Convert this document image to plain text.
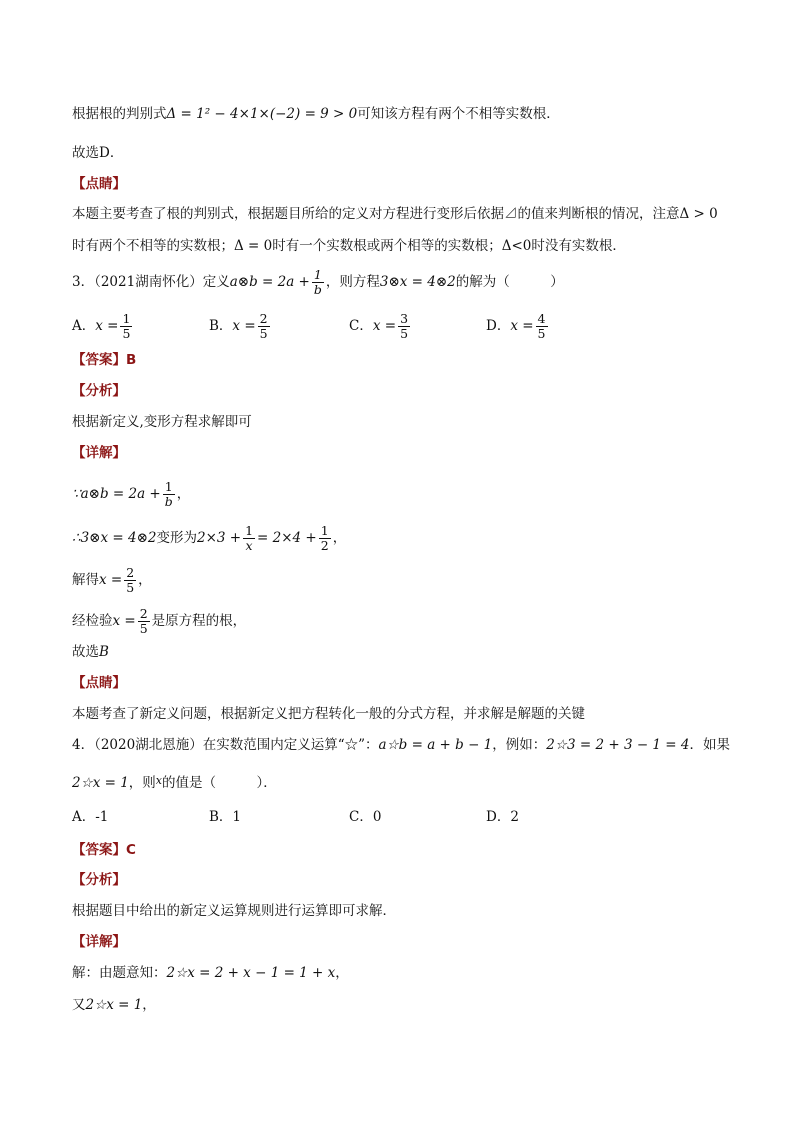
根据根的判别式Δ = 1² − 4×1×(−2) = 9 > 0可知该方程有两个不相等实数根．
故选D．
【点睛】
本题主要考查了根的判别式，根据题目所给的定义对方程进行变形后依据⊿的值来判断根的情况，注意Δ > 0
时有两个不相等的实数根；Δ = 0时有一个实数根或两个相等的实数根；Δ<0时没有实数根．
3．（2021湖南怀化）定义a⊗b = $2a + \frac{1}{b}$ ，则方程3⊗x = 4⊗2的解为（　　　）
A．$x = \frac{1}{5}$	B．$x = \frac{2}{5}$	C．$x = \frac{3}{5}$	D．$x = \frac{4}{5}$
【答案】B
【分析】
根据新定义,变形方程求解即可
【详解】
∵a⊗b = $2a + \frac{1}{b}$ ，
∴3⊗x = 4⊗2变形为$2\times 3 + \frac{1}{x} = 2\times 4 + \frac{1}{2}$ ，
解得$x = \frac{2}{5}$ ，
经检验$x = \frac{2}{5}$ 是原方程的根，
故选B
【点睛】
本题考查了新定义问题，根据新定义把方程转化一般的分式方程，并求解是解题的关键
4．（2020湖北恩施）在实数范围内定义运算“☆”：a☆b = a + b − 1，例如：2☆3 = 2 + 3 − 1 = 4．如果
2☆x = 1，则$^x$的值是（　　　）．
A．-1	B．1	C．0	D．2
【答案】C
【分析】
根据题目中给出的新定义运算规则进行运算即可求解．
【详解】
解：由题意知：2☆x = 2 + x − 1 = 1 + x，
又2☆x = 1，
